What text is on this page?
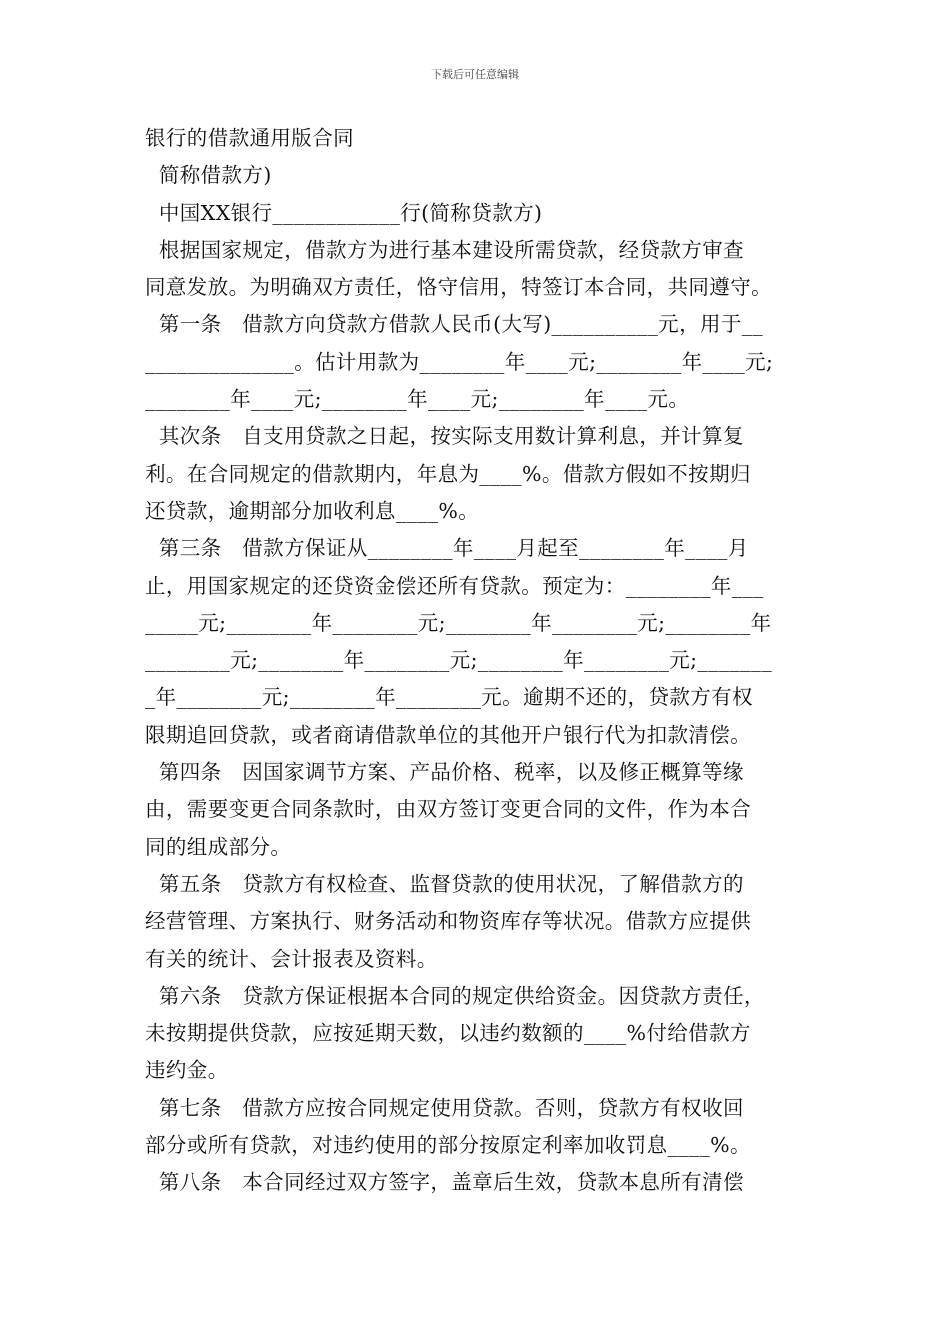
下载后可任意编辑

银行的借款通用版合同

简称借款方)

中国XX银行____________行(简称贷款方)

根据国家规定，借款方为进行基本建设所需贷款，经贷款方审查

同意发放。为明确双方责任，恪守信用，特签订本合同，共同遵守。

第一条   借款方向贷款方借款人民币(大写)__________元，用于__

______________。估计用款为________年____元;________年____元;

________年____元;________年____元;________年____元。

其次条   自支用贷款之日起，按实际支用数计算利息，并计算复

利。在合同规定的借款期内，年息为____%。借款方假如不按期归

还贷款，逾期部分加收利息____%。

第三条   借款方保证从________年____月起至________年____月

止，用国家规定的还贷资金偿还所有贷款。预定为：________年___

_____元;________年________元;________年________元;________年

________元;________年________元;________年________元;_______

_年________元;________年________元。逾期不还的，贷款方有权

限期追回贷款，或者商请借款单位的其他开户银行代为扣款清偿。

第四条   因国家调节方案、产品价格、税率，以及修正概算等缘

由，需要变更合同条款时，由双方签订变更合同的文件，作为本合

同的组成部分。

第五条   贷款方有权检查、监督贷款的使用状况，了解借款方的

经营管理、方案执行、财务活动和物资库存等状况。借款方应提供

有关的统计、会计报表及资料。

第六条   贷款方保证根据本合同的规定供给资金。因贷款方责任，

未按期提供贷款，应按延期天数，以违约数额的____%付给借款方

违约金。

第七条   借款方应按合同规定使用贷款。否则，贷款方有权收回

部分或所有贷款，对违约使用的部分按原定利率加收罚息____%。

第八条   本合同经过双方签字，盖章后生效，贷款本息所有清偿
